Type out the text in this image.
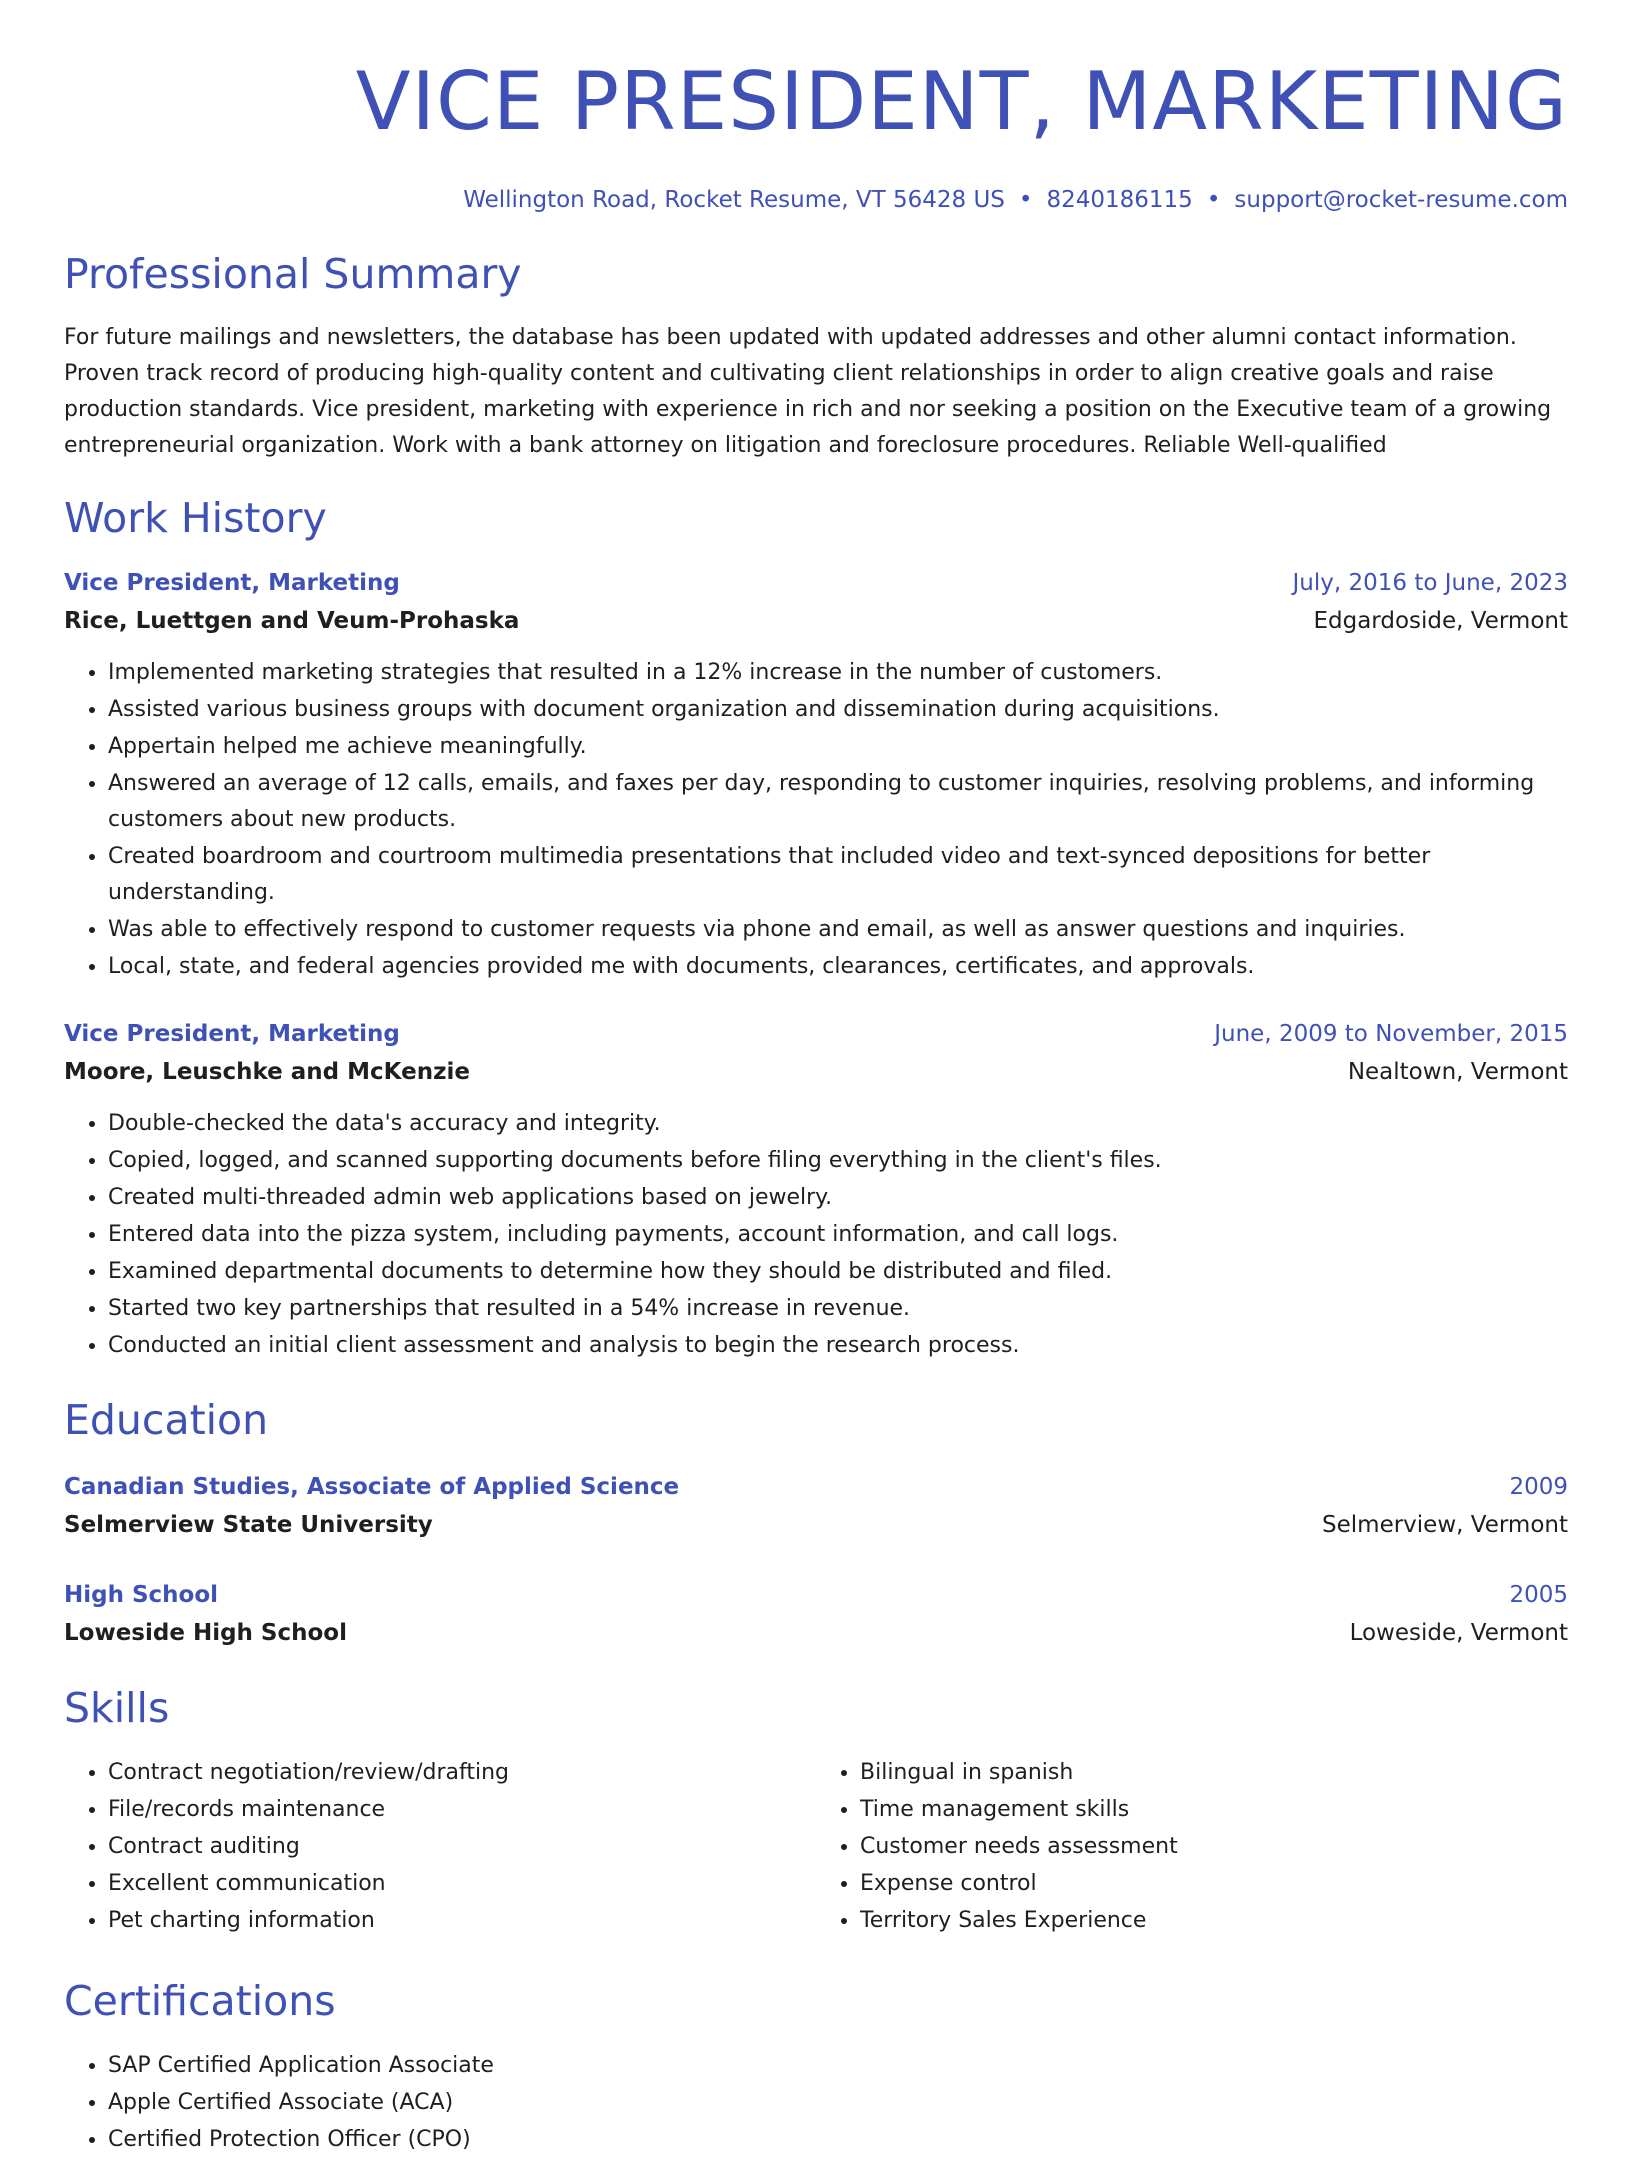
VICE PRESIDENT, MARKETING
Wellington Road, Rocket Resume, VT 56428 US • 8240186115 • support@rocket-resume.com
Professional Summary

For future mailings and newsletters, the database has been updated with updated addresses and other alumni contact information. Proven track record of producing high-quality content and cultivating client relationships in order to align creative goals and raise production standards. Vice president, marketing with experience in rich and nor seeking a position on the Executive team of a growing entrepreneurial organization. Work with a bank attorney on litigation and foreclosure procedures. Reliable Well-qualified

Work History
Vice President, Marketing	July, 2016 to June, 2023
Rice, Luettgen and Veum-Prohaska	Edgardoside, Vermont
• Implemented marketing strategies that resulted in a 12% increase in the number of customers.
• Assisted various business groups with document organization and dissemination during acquisitions.
• Appertain helped me achieve meaningfully.
• Answered an average of 12 calls, emails, and faxes per day, responding to customer inquiries, resolving problems, and informing customers about new products.
• Created boardroom and courtroom multimedia presentations that included video and text-synced depositions for better understanding.
• Was able to effectively respond to customer requests via phone and email, as well as answer questions and inquiries.
• Local, state, and federal agencies provided me with documents, clearances, certificates, and approvals.
Vice President, Marketing	June, 2009 to November, 2015
Moore, Leuschke and McKenzie	Nealtown, Vermont
• Double-checked the data's accuracy and integrity.
• Copied, logged, and scanned supporting documents before filing everything in the client's files.
• Created multi-threaded admin web applications based on jewelry.
• Entered data into the pizza system, including payments, account information, and call logs.
• Examined departmental documents to determine how they should be distributed and filed.
• Started two key partnerships that resulted in a 54% increase in revenue.
• Conducted an initial client assessment and analysis to begin the research process.
Education
Canadian Studies, Associate of Applied Science	2009
Selmerview State University	Selmerview, Vermont
High School	2005
Loweside High School	Loweside, Vermont
Skills
• Contract negotiation/review/drafting
• File/records maintenance
• Contract auditing
• Excellent communication
• Pet charting information
• Bilingual in spanish
• Time management skills
• Customer needs assessment
• Expense control
• Territory Sales Experience
Certifications
• SAP Certified Application Associate
• Apple Certified Associate (ACA)
• Certified Protection Officer (CPO)
